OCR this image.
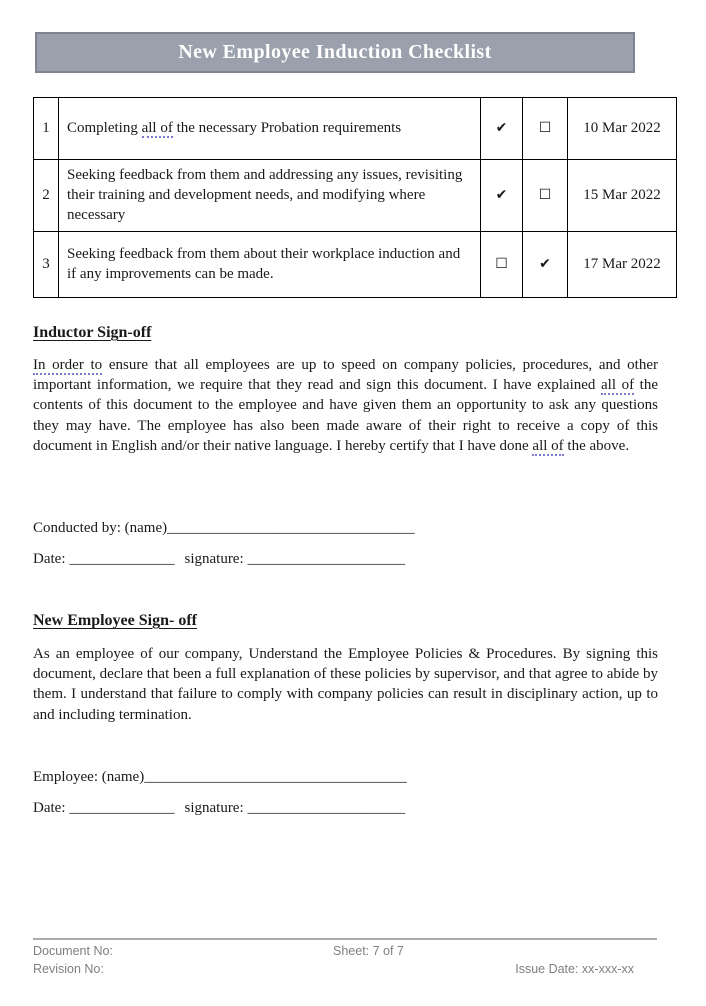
New Employee Induction Checklist
1	Completing all of the necessary Probation requirements	✔	☐	10 Mar 2022
2	Seeking feedback from them and addressing any issues, revisiting their training and development needs, and modifying where necessary	✔	☐	15 Mar 2022
3	Seeking feedback from them about their workplace induction and if any improvements can be made.	☐	✔	17 Mar 2022
Inductor Sign-off
In order to ensure that all employees are up to speed on company policies, procedures, and other important information, we require that they read and sign this document. I have explained all of the contents of this document to the employee and have given them an opportunity to ask any questions they may have. The employee has also been made aware of their right to receive a copy of this document in English and/or their native language. I hereby certify that I have done all of the above.
Conducted by: (name)_________________________________
Date: ______________ signature: _____________________
New Employee Sign- off
As an employee of our company, Understand the Employee Policies & Procedures. By signing this document, declare that been a full explanation of these policies by supervisor, and that agree to abide by them. I understand that failure to comply with company policies can result in disciplinary action, up to and including termination.
Employee: (name)___________________________________
Date: ______________ signature: _____________________
Document No:	Sheet: 7 of 7
Revision No:	Issue Date: xx-xxx-xx
